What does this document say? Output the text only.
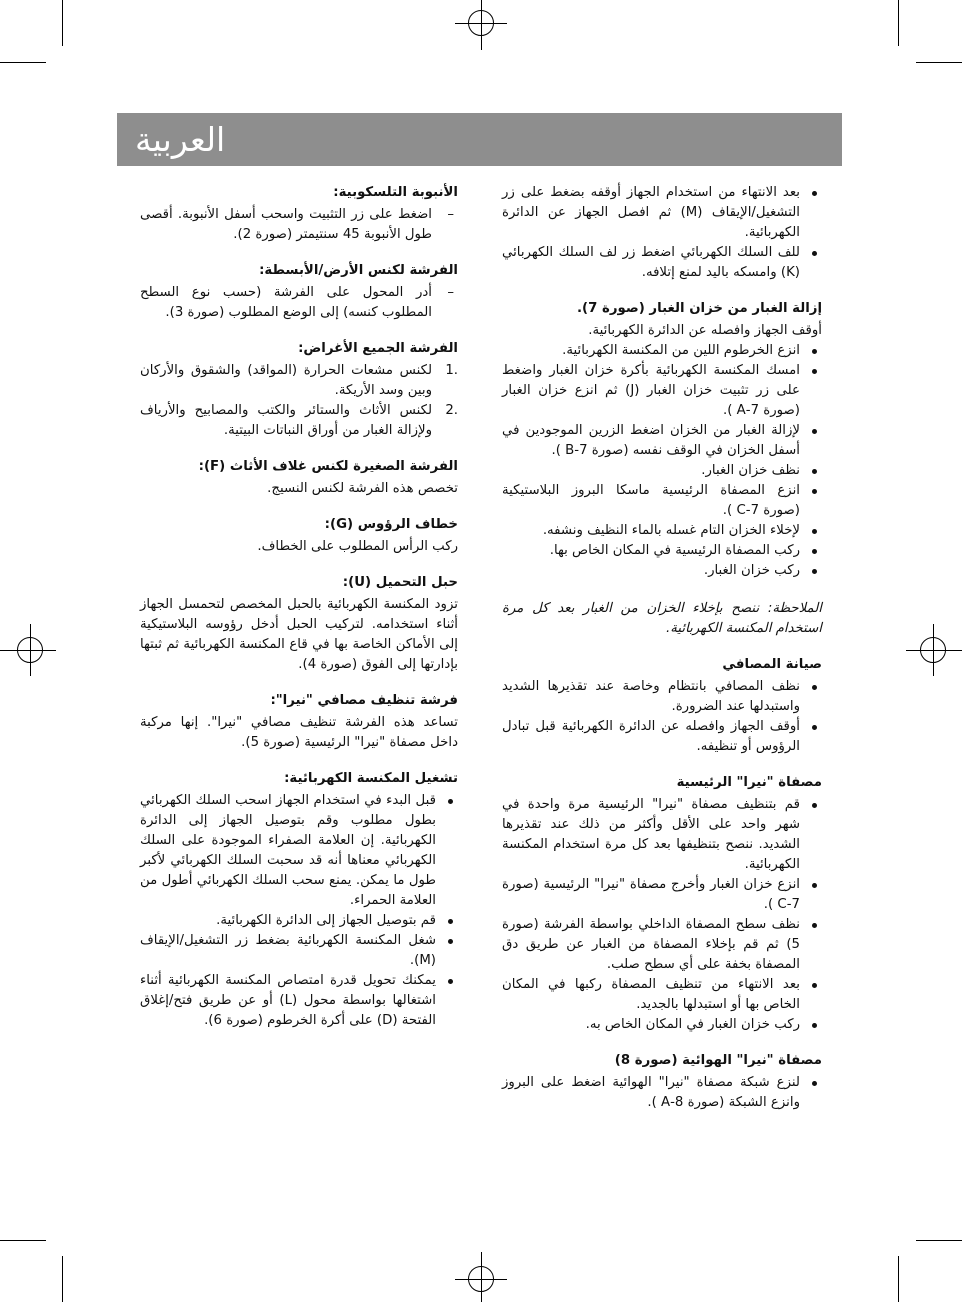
العربية
بعد الانتهاء من استخدام الجهاز أوقفه بضغط على زر التشغيل/الإيقاف (M) ثم افصل الجهاز عن الدائرة الكهربائية.
للف السلك الكهربائي اضغط زر لف السلك الكهربائي (K) وامسكه باليد لمنع إتلافه.
إزالة الغبار من خزان الغبار (صورة 7).

أوقف الجهاز وافصله عن الدائرة الكهربائية.

انزع الخرطوم اللين من المكنسة الكهربائية.
امسك المكنسة الكهربائية بأكرة خزان الغبار واضغط على زر تثبيت خزان الغبار (J) ثم انزع خزان الغبار (صورة 7-A ).
لإزالة الغبار من الخزان اضغط الزرين الموجودين في أسفل الخزان في الوقف نفسه (صورة 7-B ).
نظف خزان الغبار.
انزع المصفاة الرئيسية ماسكا البروز البلاستيكية (صورة 7-C ).
لإخلاء الخزان التام غسله بالماء النظيف ونشفه.
ركب المصفاة الرئيسية في المكان الخاص بها.
ركب خزان الغبار.

الملاحظة: ننصح بإخلاء الخزان من الغبار بعد كل مرة استخدام المكنسة الكهربائية.

صيانة المصافي
نظف المصافي بانتظام وخاصة عند تقذيرها الشديد واستبدلها عند الضرورة.
أوقف الجهاز وافصله عن الدائرة الكهربائية قبل تبادل الرؤوس أو تنظيفه.
مصفاة "نيرا" الرئيسية
قم بتنظيف مصفاة "نيرا" الرئيسية مرة واحدة في شهر واحد على الأقل وأكثر من ذلك عند تقذيرها الشديد. ننصح بتنظيفها بعد كل مرة استخدام المكنسة الكهربائية.
انزع خزان الغبار وأخرج مصفاة "نيرا" الرئيسية (صورة 7-C ).
نظف سطح المصفاة الداخلي بواسطة الفرشة (صورة 5) ثم قم بإخلاء المصفاة من الغبار عن طريق دق المصفاة بخفة على أي سطح صلب.
بعد الانتهاء من تنظيف المصفاة ركبها في المكان الخاص بها أو استبدلها بالجديد.
ركب خزان الغبار في المكان الخاص به.
مصفاة "نيرا" الهوائية (صورة 8)
لنزع شبكة مصفاة "نيرا" الهوائية اضغط على البروز وانزع الشبكة (صورة 8-A ).
الأنبوبة التلسكوبية:
– اضغط على زر التثبيت واسحب أسفل الأنبوبة. أقصى طول الأنبوبة 45 سنتيمتر (صورة 2).
الفرشة لكنس الأرض/الأبسطة:
– أدر المحول على الفرشة (حسب نوع السطح المطلوب كنسه) إلى الوضع المطلوب (صورة 3).
الفرشة الجميع الأغراض:
1.
لكنس مشعات الحرارة (المواقد) والشقوق والأركان وبين وسد الأريكة.
2.
لكنس الأثاث والستائر والكتب والمصابيح والأرياف ولإزالة الغبار من أوراق النباتات البيتية.
الفرشة الصغيرة لكنس غلاف الأثاث (F):

تخصص هذه الفرشة لكنس النسيج.

خطاف الرؤوس (G):

ركب الرأس المطلوب على الخطاف.

حبل التحميل (U):

تزود المكنسة الكهربائية بالحبل المخصص لتحمسل الجهاز أثناء استخدامه. لتركيب الحبل أدخل رؤوسه البلاستيكية إلى الأماكن الخاصة بها في قاع المكنسة الكهربائية ثم ثبتها بإدارتها إلى الفوق (صورة 4).

فرشة تنظيف مصافي "نيرا":

تساعد هذه الفرشة تنظيف مصافي "نيرا". إنها مركبة داخل مصفاة "نيرا" الرئيسية (صورة 5).

تشغيل المكنسة الكهربائية:
قبل البدء في استخدام الجهاز اسحب السلك الكهربائي بطول مطلوب وقم بتوصيل الجهاز إلى الدائرة الكهربائية. إن العلامة الصفراء الموجودة على السلك الكهربائي معناها أنه قد سحبت السلك الكهربائي لأكبر طول ما يمكن. يمنع سحب السلك الكهربائي أطول من العلامة الحمراء.
قم بتوصيل الجهاز إلى الدائرة الكهربائية.
شغل المكنسة الكهربائية بضغط زر التشغيل/الإيقاف (M).
يمكنك تحويل قدرة امتصاص المكنسة الكهربائية أثناء اشتغالها بواسطة محول (L) أو عن طريق فتح/إغلاق الفتحة (D) على أكرة الخرطوم (صورة 6).
